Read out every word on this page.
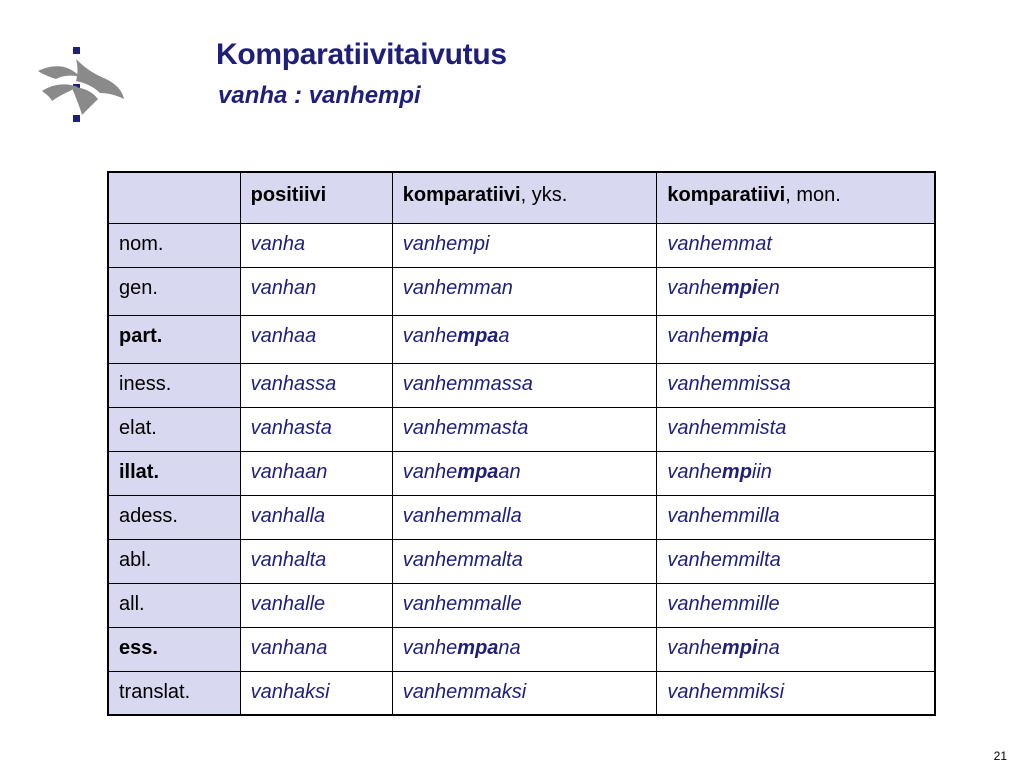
Komparatiivitaivutus
vanha : vanhempi
	positiivi	komparatiivi, yks.	komparatiivi, mon.
nom.	vanha	vanhempi	vanhemmat
gen.	vanhan	vanhemman	vanhempien
part.	vanhaa	vanhempaa	vanhempia
iness.	vanhassa	vanhemmassa	vanhemmissa
elat.	vanhasta	vanhemmasta	vanhemmista
illat.	vanhaan	vanhempaan	vanhempiin
adess.	vanhalla	vanhemmalla	vanhemmilla
abl.	vanhalta	vanhemmalta	vanhemmilta
all.	vanhalle	vanhemmalle	vanhemmille
ess.	vanhana	vanhempana	vanhempina
translat.	vanhaksi	vanhemmaksi	vanhemmiksi
21
